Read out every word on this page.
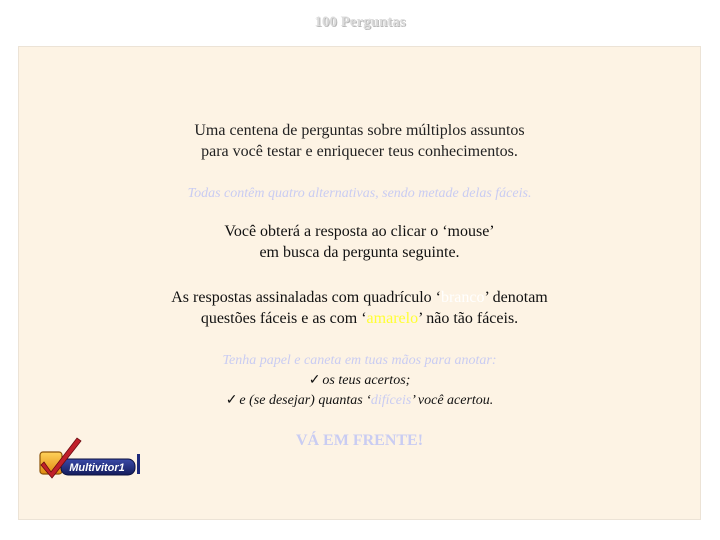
100 Perguntas
Uma centena de perguntas sobre múltiplos assuntos
para você testar e enriquecer teus conhecimentos.
Todas contêm quatro alternativas, sendo metade delas fáceis.
Você obterá a resposta ao clicar o ‘mouse’
em busca da pergunta seguinte.
As respostas assinaladas com quadrículo ‘branco’ denotam
questões fáceis e as com ‘amarelo’ não tão fáceis.
Tenha papel e caneta em tuas mãos para anotar:
✓ os teus acertos;
✓ e (se desejar) quantas ‘difíceis’ você acertou.
VÁ EM FRENTE!
Multivitor1
